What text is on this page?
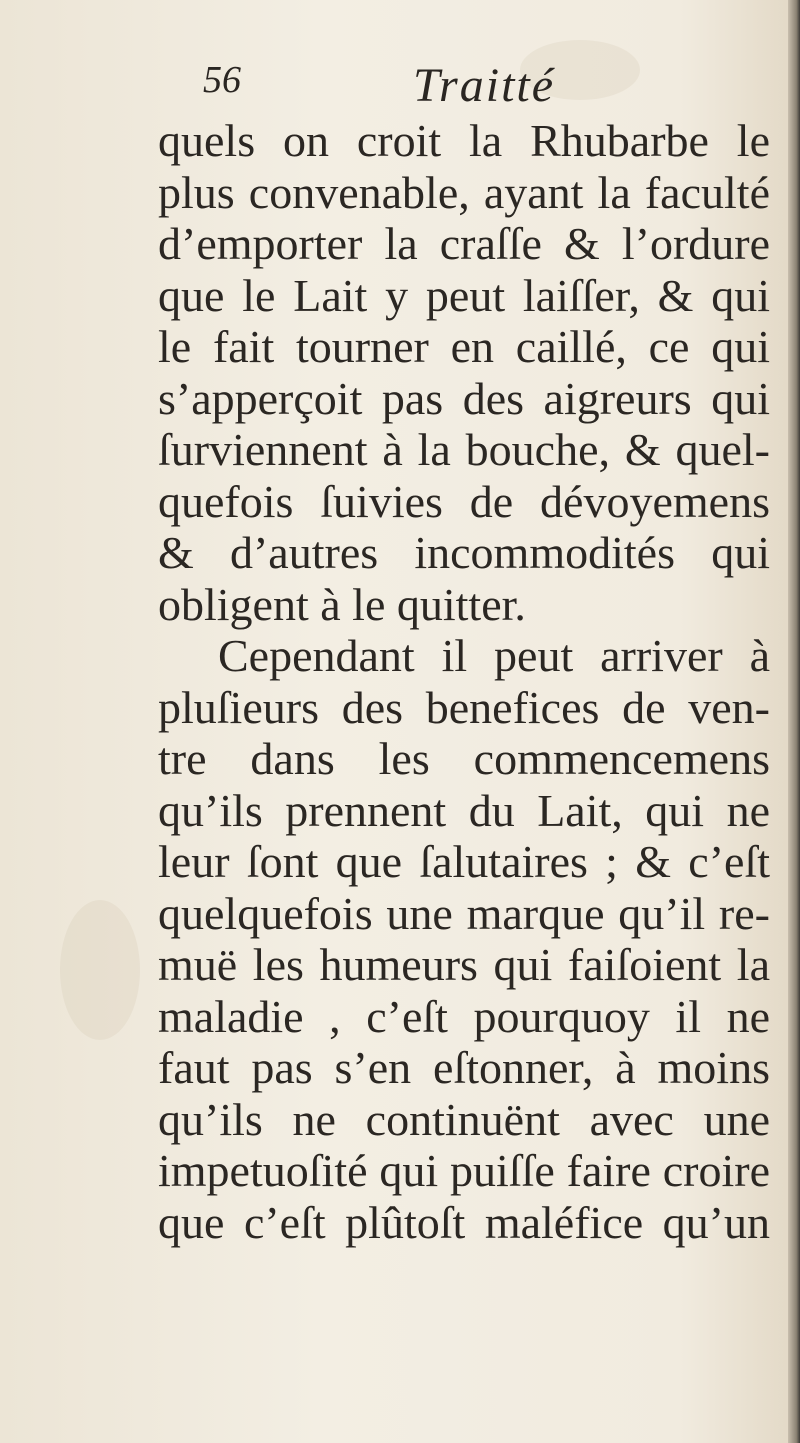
56	Traitté
quels on croit la Rhubarbe le
plus convenable, ayant la faculté
d’emporter la craſſe & l’ordure
que le Lait y peut laiſſer, & qui
le fait tourner en caillé, ce qui
s’apperçoit pas des aigreurs qui
ſurviennent à la bouche, & quel-
quefois ſuivies de dévoyemens
& d’autres incommodités qui
obligent à le quitter.
Cependant il peut arriver à
pluſieurs des benefices de ven-
tre dans les commencemens
qu’ils prennent du Lait, qui ne
leur ſont que ſalutaires ; & c’eſt
quelquefois une marque qu’il re-
muë les humeurs qui faiſoient la
maladie , c’eſt pourquoy il ne
faut pas s’en eſtonner, à moins
qu’ils ne continuënt avec une
impetuoſité qui puiſſe faire croire
que c’eſt plûtoſt maléfice qu’un
